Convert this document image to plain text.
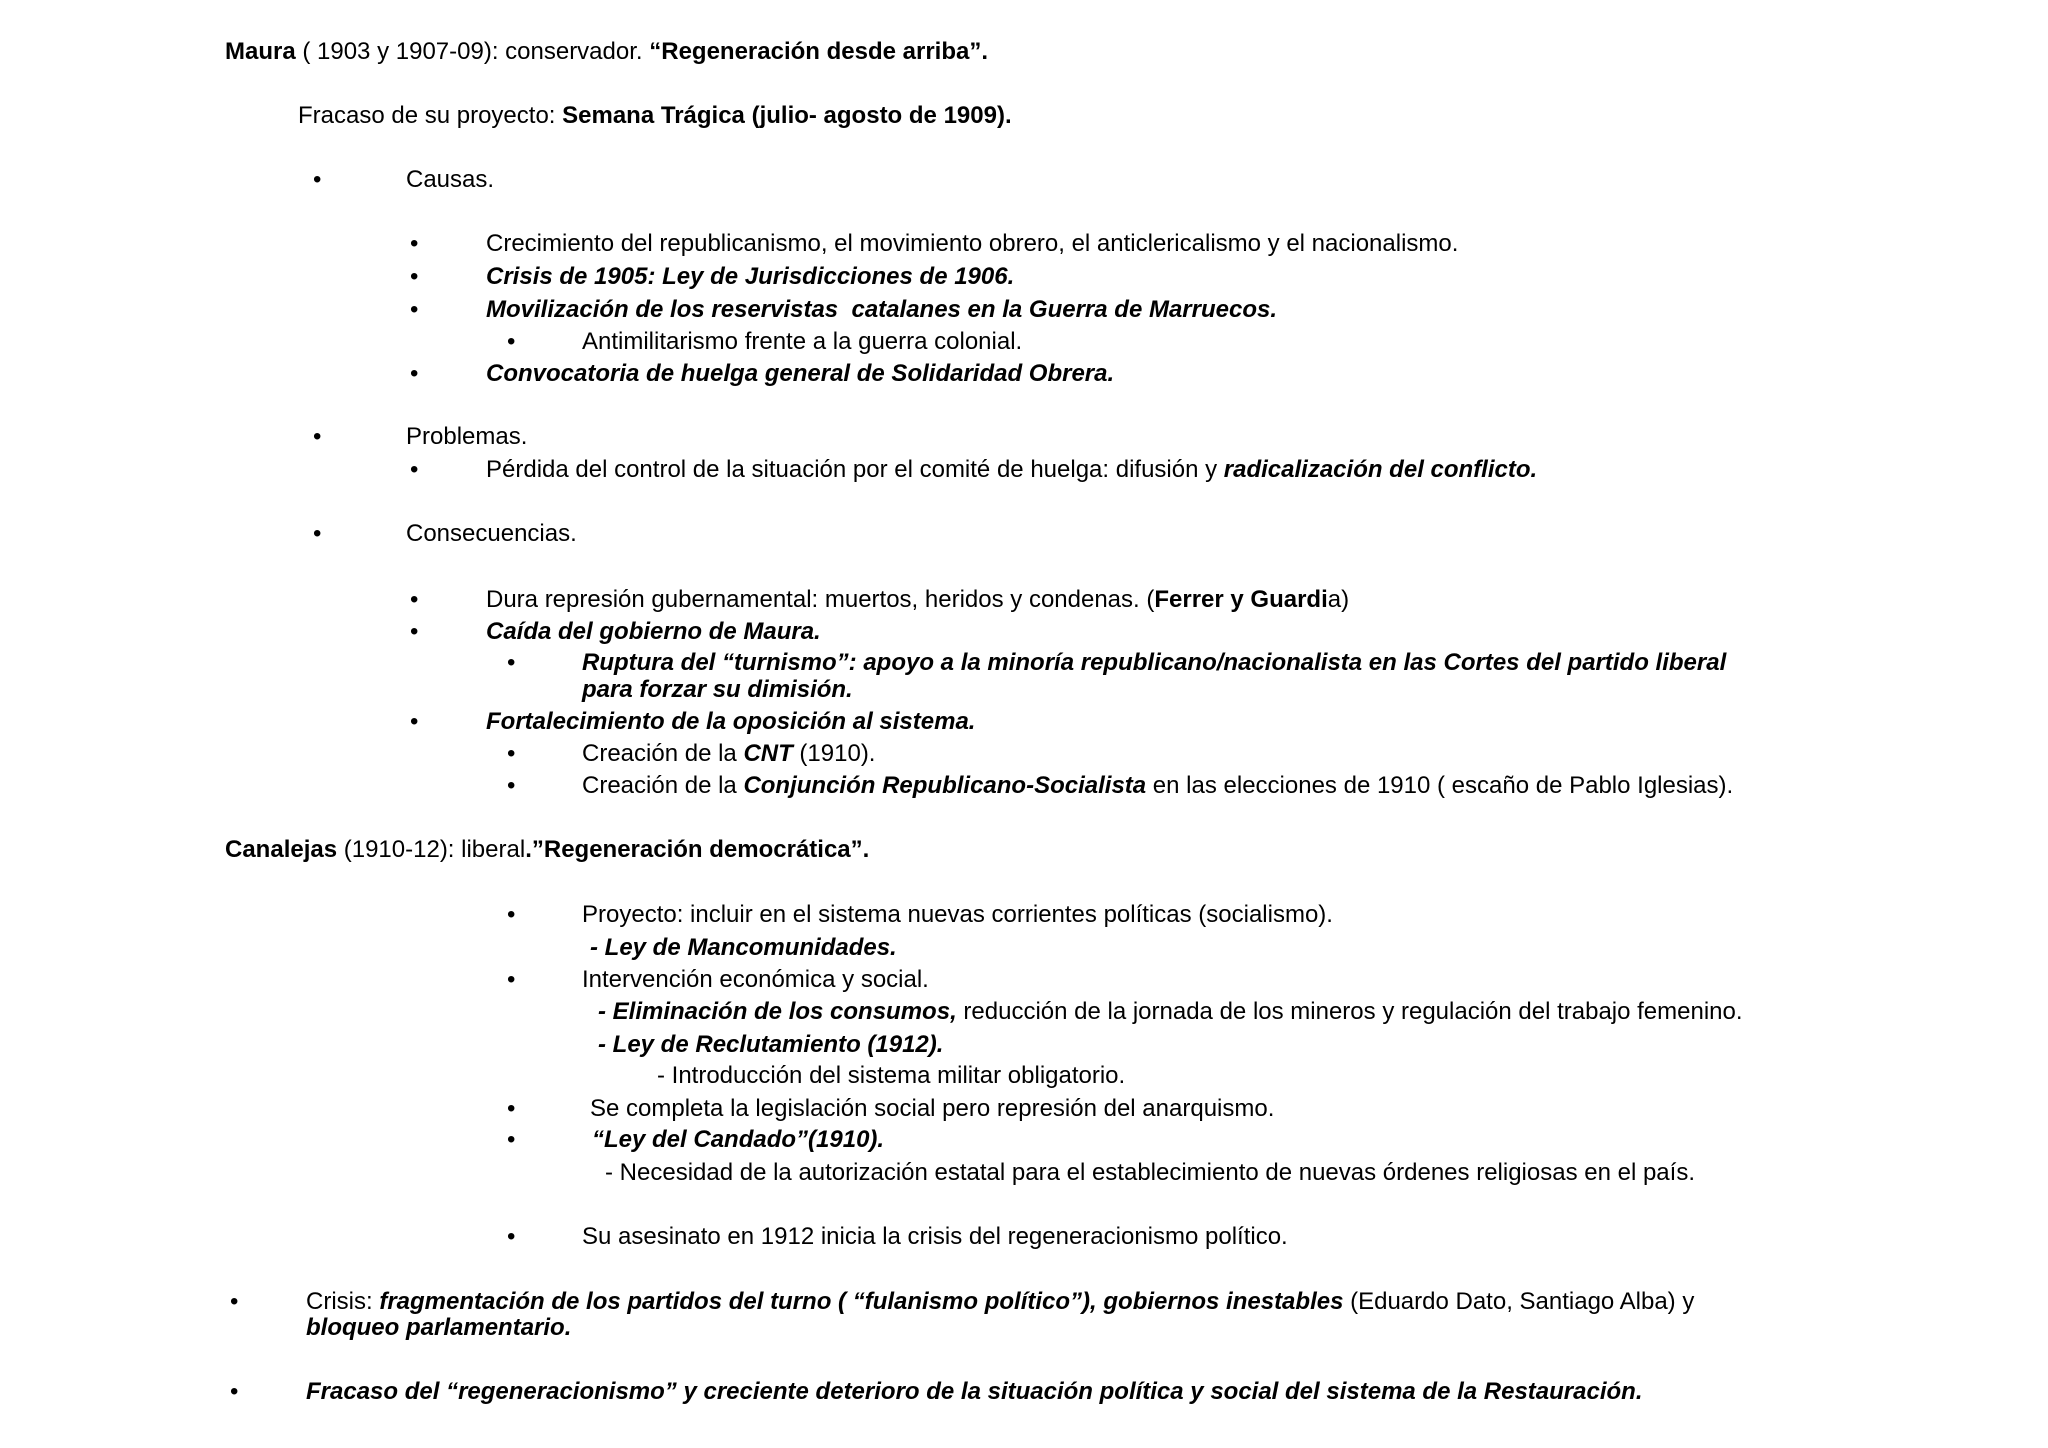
Maura ( 1903 y 1907-09): conservador. “Regeneración desde arriba”.
Fracaso de su proyecto: Semana Trágica (julio- agosto de 1909).
•	Causas.
•	Crecimiento del republicanismo, el movimiento obrero, el anticlericalismo y el nacionalismo.
•	Crisis de 1905: Ley de Jurisdicciones de 1906.
•	Movilización de los reservistas  catalanes en la Guerra de Marruecos.
•	Antimilitarismo frente a la guerra colonial.
•	Convocatoria de huelga general de Solidaridad Obrera.
•	Problemas.
•	Pérdida del control de la situación por el comité de huelga: difusión y radicalización del conflicto.
•	Consecuencias.
•	Dura represión gubernamental: muertos, heridos y condenas. (Ferrer y Guardia)
•	Caída del gobierno de Maura.
•	Ruptura del “turnismo”: apoyo a la minoría republicano/nacionalista en las Cortes del partido liberal
para forzar su dimisión.
•	Fortalecimiento de la oposición al sistema.
•	Creación de la CNT (1910).
•	Creación de la Conjunción Republicano-Socialista en las elecciones de 1910 ( escaño de Pablo Iglesias).
Canalejas (1910-12): liberal.”Regeneración democrática”.
•	Proyecto: incluir en el sistema nuevas corrientes políticas (socialismo).
- Ley de Mancomunidades.
•	Intervención económica y social.
- Eliminación de los consumos, reducción de la jornada de los mineros y regulación del trabajo femenino.
- Ley de Reclutamiento (1912).
- Introducción del sistema militar obligatorio.
•	Se completa la legislación social pero represión del anarquismo.
•	“Ley del Candado”(1910).
- Necesidad de la autorización estatal para el establecimiento de nuevas órdenes religiosas en el país.
•	Su asesinato en 1912 inicia la crisis del regeneracionismo político.
•	Crisis: fragmentación de los partidos del turno ( “fulanismo político”), gobiernos inestables (Eduardo Dato, Santiago Alba) y
bloqueo parlamentario.
•	Fracaso del “regeneracionismo” y creciente deterioro de la situación política y social del sistema de la Restauración.
